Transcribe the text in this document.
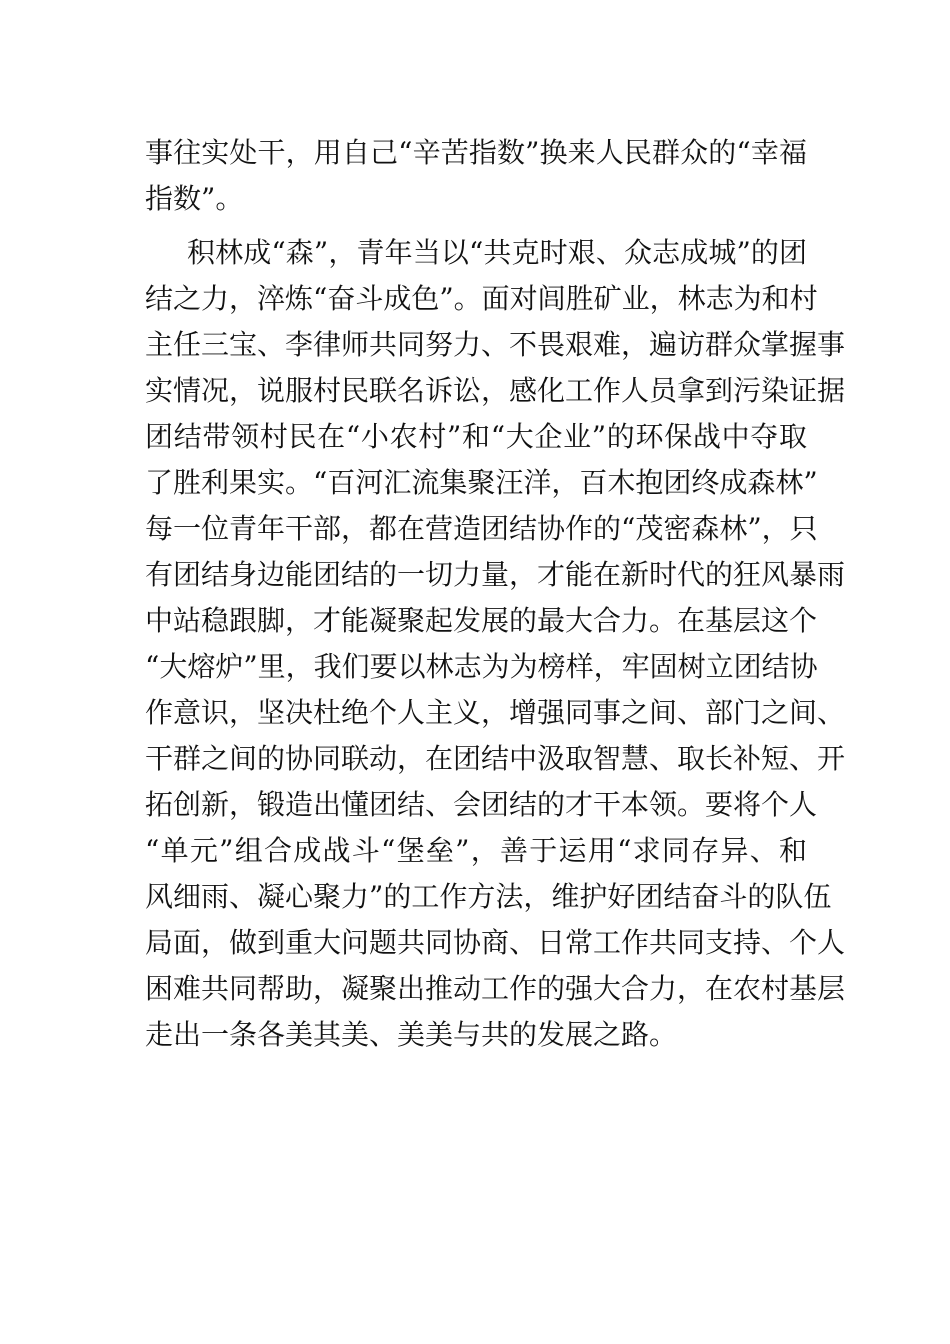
事往实处干，用自己“辛苦指数”换来人民群众的“幸福
指数”。
积林成“森”，青年当以“共克时艰、众志成城”的团
结之力，淬炼“奋斗成色”。面对闾胜矿业，林志为和村
主任三宝、李律师共同努力、不畏艰难，遍访群众掌握事
实情况，说服村民联名诉讼，感化工作人员拿到污染证据
团结带领村民在“小农村”和“大企业”的环保战中夺取
了胜利果实。“百河汇流集聚汪洋，百木抱团终成森林”
每一位青年干部，都在营造团结协作的“茂密森林”，只
有团结身边能团结的一切力量，才能在新时代的狂风暴雨
中站稳跟脚，才能凝聚起发展的最大合力。在基层这个
“大熔炉”里，我们要以林志为为榜样，牢固树立团结协
作意识，坚决杜绝个人主义，增强同事之间、部门之间、
干群之间的协同联动，在团结中汲取智慧、取长补短、开
拓创新，锻造出懂团结、会团结的才干本领。要将个人
“单元”组合成战斗“堡垒”，善于运用“求同存异、和
风细雨、凝心聚力”的工作方法，维护好团结奋斗的队伍
局面，做到重大问题共同协商、日常工作共同支持、个人
困难共同帮助，凝聚出推动工作的强大合力，在农村基层
走出一条各美其美、美美与共的发展之路。
